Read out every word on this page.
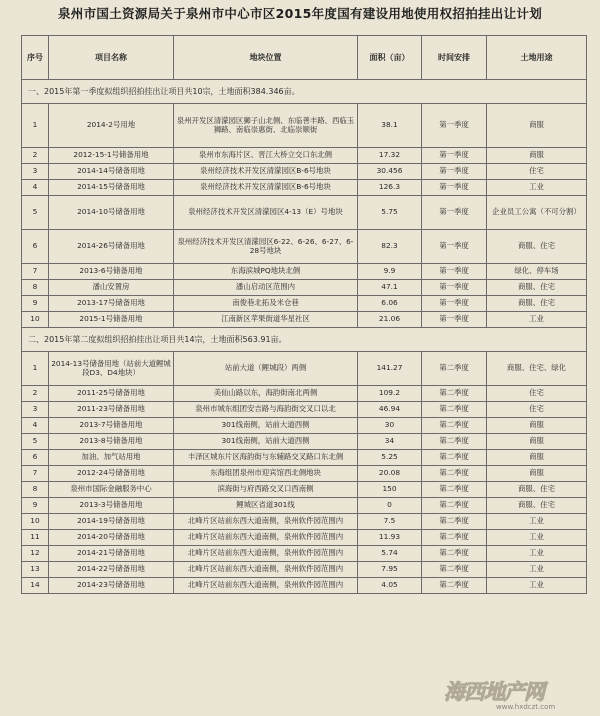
泉州市国土资源局关于泉州市中心市区2015年度国有建设用地使用权招拍挂出让计划
序号	项目名称	地块位置	面积（亩）	时间安排	土地用途
一、2015年第一季度拟组织招拍挂出让项目共10宗，土地面积384.346亩。					
1	2014-2号用地	泉州开发区清濛园区狮子山北侧、东临善丰路、西临玉狮路、南临崇惠街、北临崇顺街	38.1	第一季度	商服
2	2012-15-1号储备用地	泉州市东海片区、晋江大桥立交口东北侧	17.32	第一季度	商服
3	2014-14号储备用地	泉州经济技术开发区清濛园区B-6号地块	30.456	第一季度	住宅
4	2014-15号储备用地	泉州经济技术开发区清濛园区B-6号地块	126.3	第一季度	工业
5	2014-10号储备用地	泉州经济技术开发区清濛园区4-13（E）号地块	5.75	第一季度	企业员工公寓（不可分割）
6	2014-26号储备用地	泉州经济技术开发区清濛园区6-22、6-26、6-27、6-28号地块	82.3	第一季度	商服、住宅
7	2013-6号储备用地	东海滨城PQ地块北侧	9.9	第一季度	绿化、停车场
8	潘山安置房	潘山启动区范围内	47.1	第一季度	商服、住宅
9	2013-17号储备用地	南俊巷北拓及米仓巷	6.06	第一季度	商服、住宅
10	2015-1号储备用地	江南新区苹果街道华星社区	21.06	第一季度	工业
二、2015年第二度拟组织招拍挂出让项目共14宗，土地面积563.91亩。					
1	2014-13号储备用地（站前大道鲤城段D3、D4地块）	站前大道（鲤城段）两侧	141.27	第二季度	商服、住宅、绿化
2	2011-25号储备用地	美仙山路以东，海韵街南北两侧	109.2	第二季度	住宅
3	2011-23号储备用地	泉州市城东组团安吉路与海韵街交叉口以北	46.94	第二季度	住宅
4	2013-7号储备用地	301线南侧，站前大道西侧	30	第二季度	商服
5	2013-8号储备用地	301线南侧，站前大道西侧	34	第二季度	商服
6	加油、加气站用地	丰泽区城东片区海韵街与东辅路交叉路口东北侧	5.25	第二季度	商服
7	2012-24号储备用地	东海组团泉州市迎宾馆西北侧地块	20.08	第二季度	商服
8	泉州市国际金融服务中心	滨海街与府西路交叉口西南侧	150	第二季度	商服、住宅
9	2013-3号储备用地	鲤城区省道301线	0	第二季度	商服、住宅
10	2014-19号储备用地	北峰片区站前东西大道南侧，泉州软件园范围内	7.5	第二季度	工业
11	2014-20号储备用地	北峰片区站前东西大道南侧，泉州软件园范围内	11.93	第二季度	工业
12	2014-21号储备用地	北峰片区站前东西大道南侧，泉州软件园范围内	5.74	第二季度	工业
13	2014-22号储备用地	北峰片区站前东西大道南侧，泉州软件园范围内	7.95	第二季度	工业
14	2014-23号储备用地	北峰片区站前东西大道南侧，泉州软件园范围内	4.05	第二季度	工业
海西地产网
www.hxdczt.com
